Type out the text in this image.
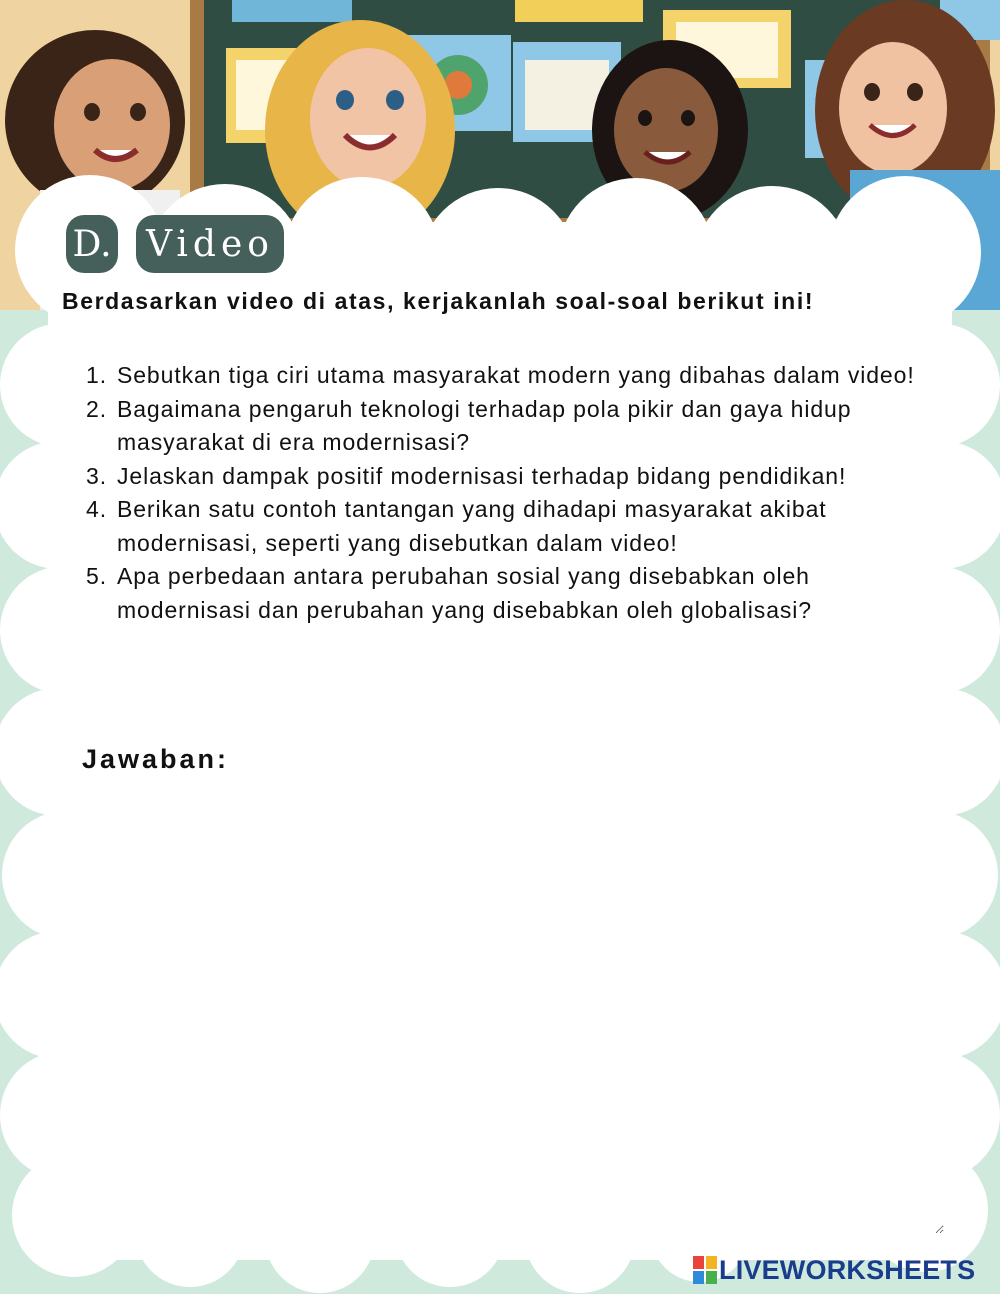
D. Video

Berdasarkan video di atas, kerjakanlah soal-soal berikut ini!

1. Sebutkan tiga ciri utama masyarakat modern yang dibahas dalam video!
2. Bagaimana pengaruh teknologi terhadap pola pikir dan gaya hidup masyarakat di era modernisasi?
3. Jelaskan dampak positif modernisasi terhadap bidang pendidikan!
4. Berikan satu contoh tantangan yang dihadapi masyarakat akibat modernisasi, seperti yang disebutkan dalam video!
5. Apa perbedaan antara perubahan sosial yang disebabkan oleh modernisasi dan perubahan yang disebabkan oleh globalisasi?
Jawaban:
LIVEWORKSHEETS
